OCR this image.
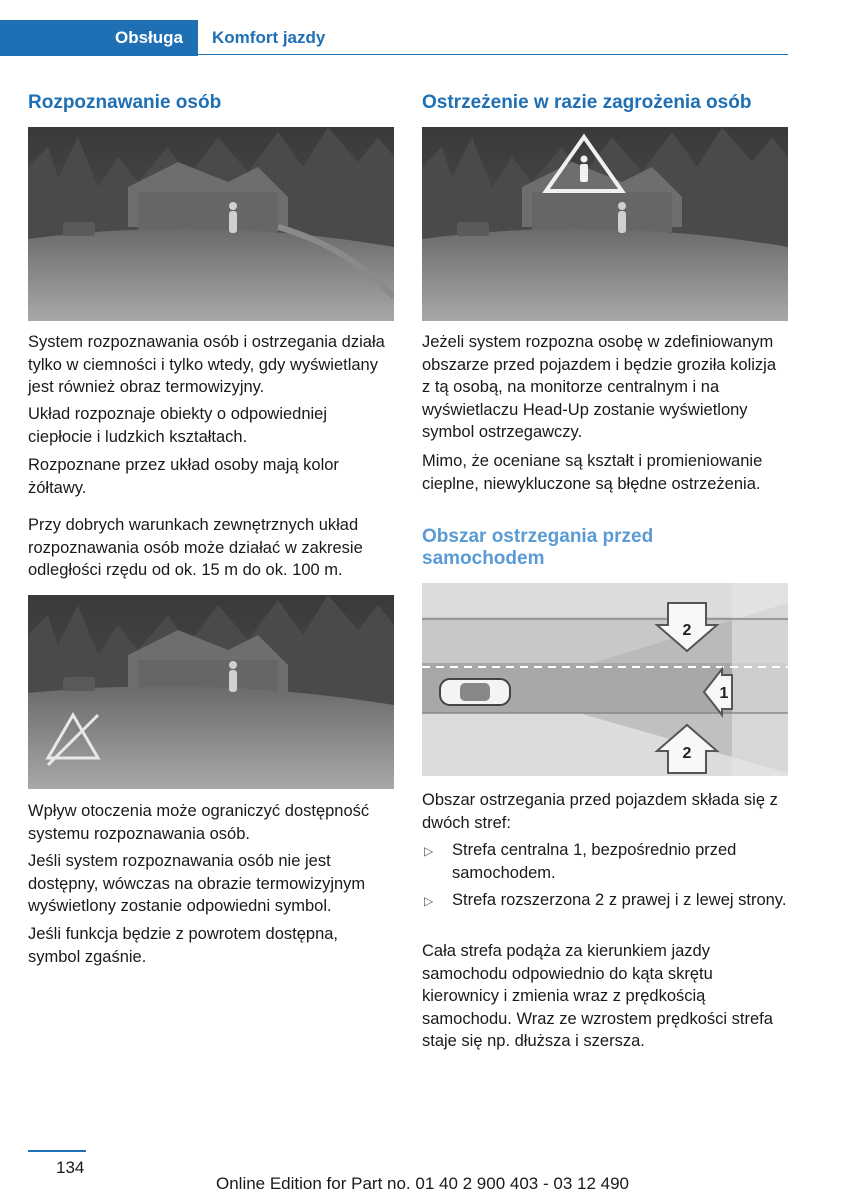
Obsługa Komfort jazdy
Rozpoznawanie osób

System rozpoznawania osób i ostrzegania działa tylko w ciemności i tylko wtedy, gdy wyświetlany jest również obraz termowizyjny.

Układ rozpoznaje obiekty o odpowiedniej ciepłocie i ludzkich kształtach.

Rozpoznane przez układ osoby mają kolor żółtawy.

Przy dobrych warunkach zewnętrznych układ rozpoznawania osób może działać w zakresie odległości rzędu od ok. 15 m do ok. 100 m.

Wpływ otoczenia może ograniczyć dostępność systemu rozpoznawania osób.

Jeśli system rozpoznawania osób nie jest dostępny, wówczas na obrazie termowizyjnym wyświetlony zostanie odpowiedni symbol.

Jeśli funkcja będzie z powrotem dostępna, symbol zgaśnie.

Ostrzeżenie w razie zagrożenia osób

Jeżeli system rozpozna osobę w zdefiniowanym obszarze przed pojazdem i będzie groziła kolizja z tą osobą, na monitorze centralnym i na wyświetlaczu Head-Up zostanie wyświetlony symbol ostrzegawczy.

Mimo, że oceniane są kształt i promieniowanie cieplne, niewykluczone są błędne ostrzeżenia.

Obszar ostrzegania przed samochodem
2
1
2

Obszar ostrzegania przed pojazdem składa się z dwóch stref:

▷ Strefa centralna 1, bezpośrednio przed samochodem.
▷ Strefa rozszerzona 2 z prawej i z lewej strony.

Cała strefa podąża za kierunkiem jazdy samochodu odpowiednio do kąta skrętu kierownicy i zmienia wraz z prędkością samochodu. Wraz ze wzrostem prędkości strefa staje się np. dłuższa i szersza.

134
Online Edition for Part no. 01 40 2 900 403 - 03 12 490
